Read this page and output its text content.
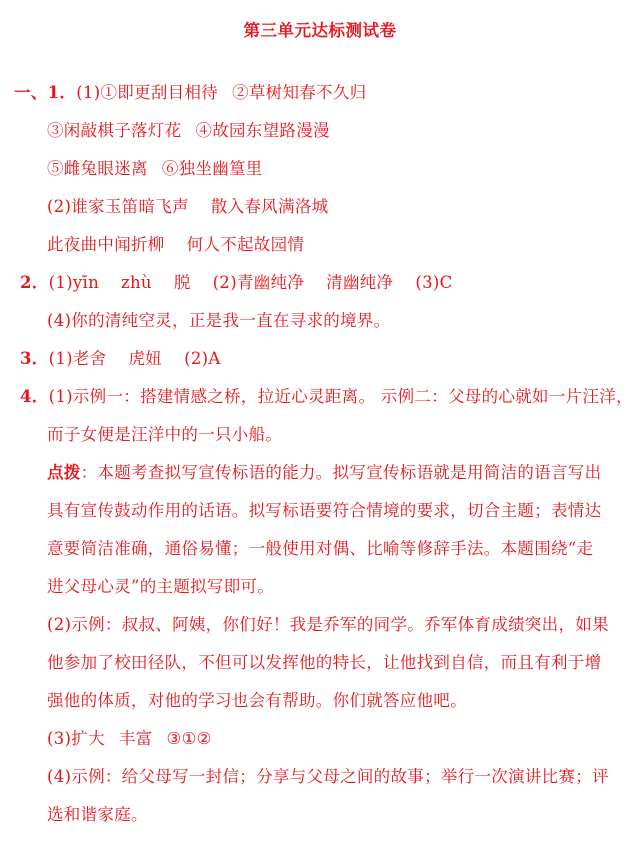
第三单元达标测试卷
一、1．(1)①即更刮目相待 ②草树知春不久归
③闲敲棋子落灯花 ④故园东望路漫漫
⑤雌兔眼迷离 ⑥独坐幽篁里
(2)谁家玉笛暗飞声 散入春风满洛城
此夜曲中闻折柳 何人不起故园情
2．(1)yīn zhù 脱 (2)青幽纯净 清幽纯净 (3)C
(4)你的清纯空灵，正是我一直在寻求的境界。
3．(1)老舍 虎妞 (2)A
4．(1)示例一：搭建情感之桥，拉近心灵距离。 示例二：父母的心就如一片汪洋，
而子女便是汪洋中的一只小船。
点拨：本题考查拟写宣传标语的能力。拟写宣传标语就是用简洁的语言写出
具有宣传鼓动作用的话语。拟写标语要符合情境的要求，切合主题；表情达
意要简洁准确，通俗易懂；一般使用对偶、比喻等修辞手法。本题围绕“走
进父母心灵”的主题拟写即可。
(2)示例：叔叔、阿姨，你们好！我是乔军的同学。乔军体育成绩突出，如果
他参加了校田径队，不但可以发挥他的特长，让他找到自信，而且有利于增
强他的体质，对他的学习也会有帮助。你们就答应他吧。
(3)扩大 丰富 ③①②
(4)示例：给父母写一封信；分享与父母之间的故事；举行一次演讲比赛；评
选和谐家庭。
